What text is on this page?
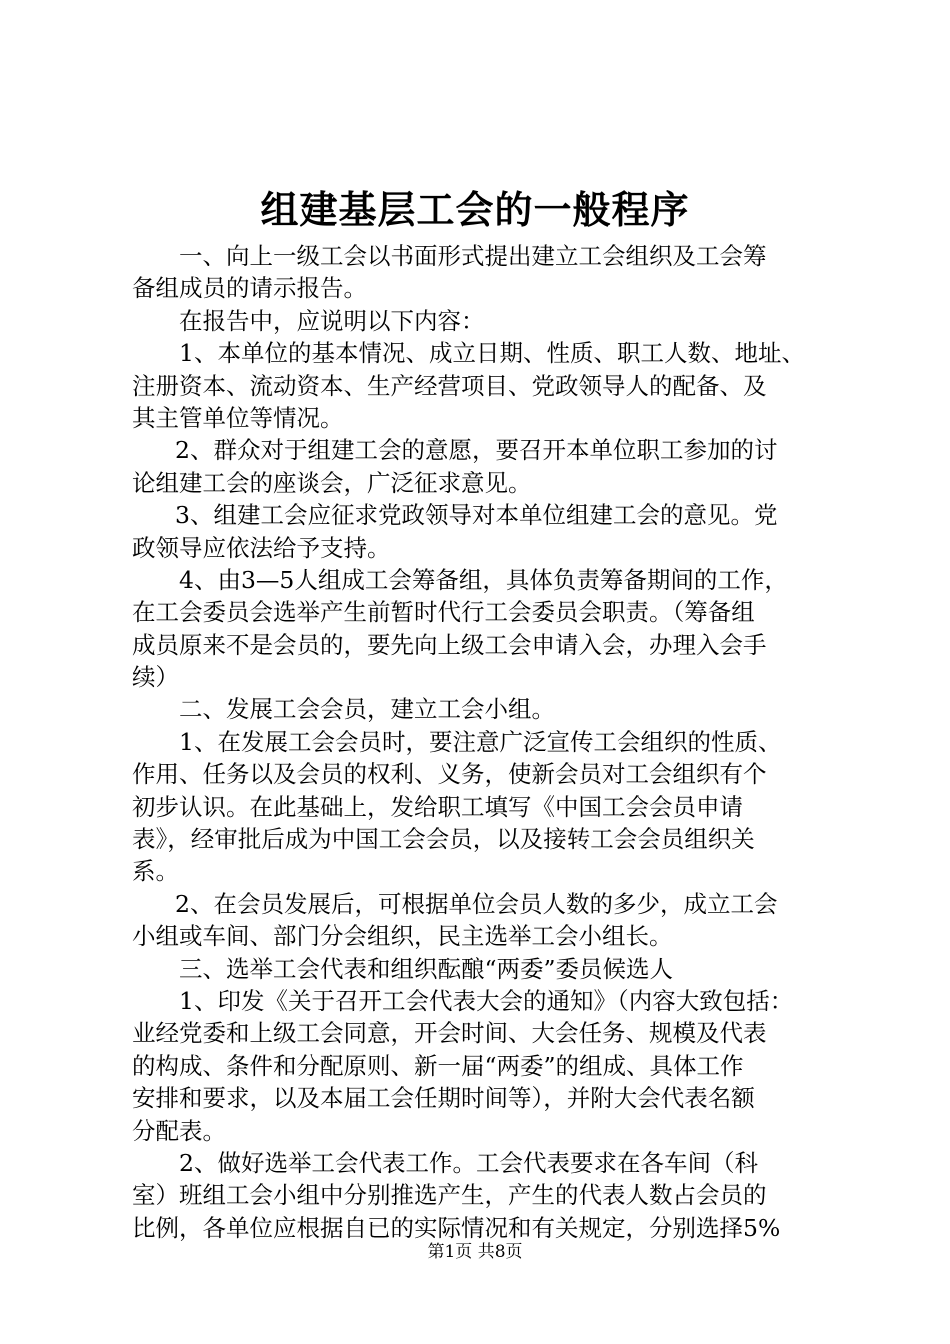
组建基层工会的一般程序
一、向上一级工会以书面形式提出建立工会组织及工会筹
备组成员的请示报告。
在报告中，应说明以下内容：
1、本单位的基本情况、成立日期、性质、职工人数、地址、
注册资本、流动资本、生产经营项目、党政领导人的配备、及
其主管单位等情况。
2、群众对于组建工会的意愿，要召开本单位职工参加的讨
论组建工会的座谈会，广泛征求意见。
3、组建工会应征求党政领导对本单位组建工会的意见。党
政领导应依法给予支持。
4、由3—5人组成工会筹备组，具体负责筹备期间的工作，
在工会委员会选举产生前暂时代行工会委员会职责。（筹备组
成员原来不是会员的，要先向上级工会申请入会，办理入会手
续）
二、发展工会会员，建立工会小组。
1、在发展工会会员时，要注意广泛宣传工会组织的性质、
作用、任务以及会员的权利、义务，使新会员对工会组织有个
初步认识。在此基础上，发给职工填写《中国工会会员申请
表》，经审批后成为中国工会会员，以及接转工会会员组织关
系。
2、在会员发展后，可根据单位会员人数的多少，成立工会
小组或车间、部门分会组织，民主选举工会小组长。
三、选举工会代表和组织酝酿“两委”委员候选人
1、印发《关于召开工会代表大会的通知》（内容大致包括：
业经党委和上级工会同意，开会时间、大会任务、规模及代表
的构成、条件和分配原则、新一届“两委”的组成、具体工作
安排和要求，以及本届工会任期时间等），并附大会代表名额
分配表。
2、做好选举工会代表工作。工会代表要求在各车间（科
室）班组工会小组中分别推选产生，产生的代表人数占会员的
比例，各单位应根据自已的实际情况和有关规定，分别选择5%
第1页 共8页
